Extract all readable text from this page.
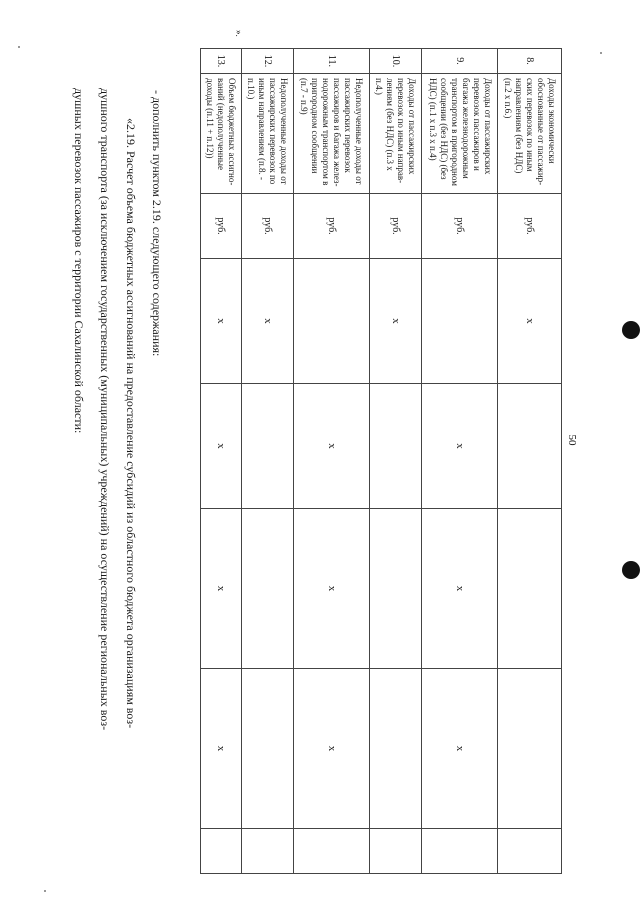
50
».
8.	Доходы экономически обоснованные от пассажир-ских перевозок по иным направлениям (без НДС) (п.2 х п.6.)	руб.	x				
9.	Доходы от пассажирских перевозок пассажиров и багажа железнодорожным транспортом в пригородном сообщении (без НДС) (без НДС) (п.1 х п.3 х п.4)	руб.		x	x	x	
10.	Доходы от пассажирских перевозок по иным направ-лениям (без НДС) (п.3 х п.4.)	руб.	x				
11.	Недополученные доходы от пассажирских перевозок пассажиров и багажа желез-нодорожным транспортом в пригородном сообщении (п.7 - п.9)	руб.		x	x	x	
12.	Недополученные доходы от пассажирских перевозок по иным направлениям (п.8. - п.10.)	руб.	x				
13.	Объем бюджетных ассигно-ваний (недополученные доходы (п.11 + п.12))	руб.	x	x	x	x	
- дополнить пунктом 2.19. следующего содержания:
«2.19. Расчет объема бюджетных ассигнований на предоставление субсидий из областного бюджета организациям воз-
душного транспорта (за исключением государственных (муниципальных) учреждений) на осуществление региональных воз-
душных перевозок пассажиров с территории Сахалинской области:
